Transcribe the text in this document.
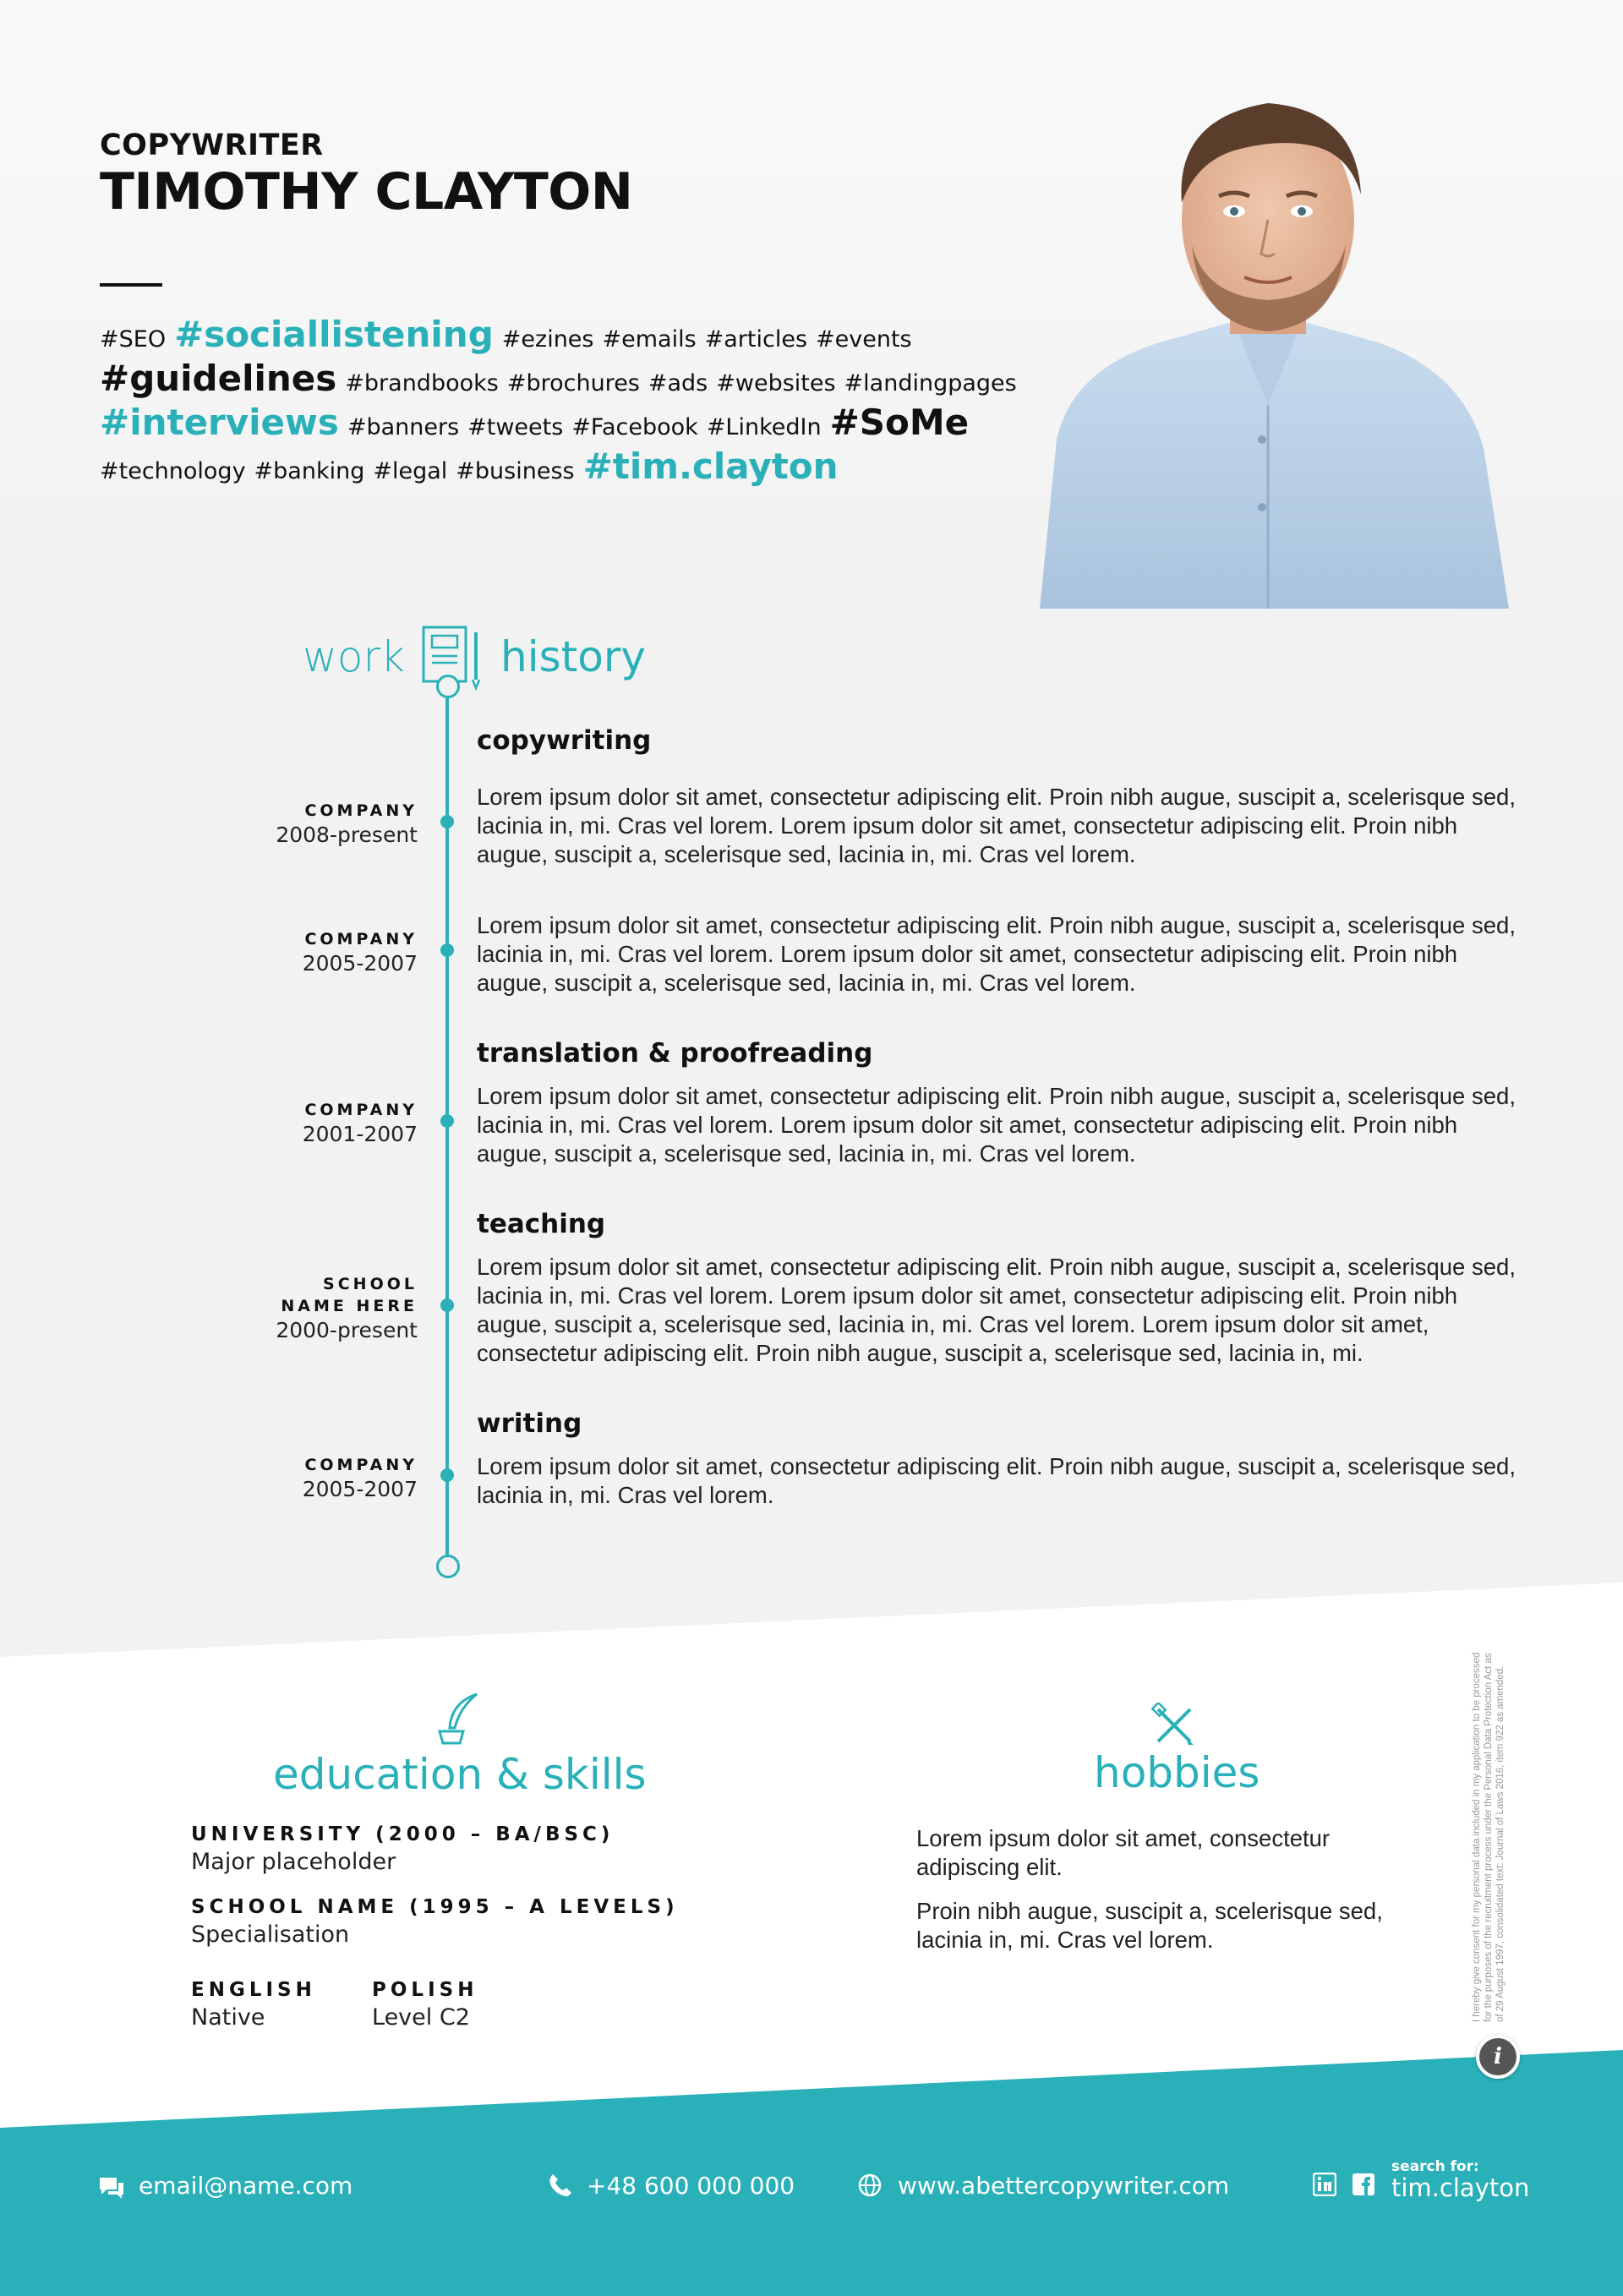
COPYWRITER
TIMOTHY CLAYTON
#SEO #sociallistening #ezines #emails #articles #events
#guidelines #brandbooks #brochures #ads #websites #landingpages
#interviews #banners #tweets #Facebook #LinkedIn #SoMe
#technology #banking #legal #business #tim.clayton
work history
copywriting
COMPANY
2008-present
Lorem ipsum dolor sit amet, consectetur adipiscing elit. Proin nibh augue, suscipit a, scelerisque sed, lacinia in, mi. Cras vel lorem. Lorem ipsum dolor sit amet, consectetur adipiscing elit. Proin nibh augue, suscipit a, scelerisque sed, lacinia in, mi. Cras vel lorem.
COMPANY
2005-2007
Lorem ipsum dolor sit amet, consectetur adipiscing elit. Proin nibh augue, suscipit a, scelerisque sed, lacinia in, mi. Cras vel lorem. Lorem ipsum dolor sit amet, consectetur adipiscing elit. Proin nibh augue, suscipit a, scelerisque sed, lacinia in, mi. Cras vel lorem.
translation & proofreading
COMPANY
2001-2007
Lorem ipsum dolor sit amet, consectetur adipiscing elit. Proin nibh augue, suscipit a, scelerisque sed, lacinia in, mi. Cras vel lorem. Lorem ipsum dolor sit amet, consectetur adipiscing elit. Proin nibh augue, suscipit a, scelerisque sed, lacinia in, mi. Cras vel lorem.
teaching
SCHOOL
NAME HERE
2000-present
Lorem ipsum dolor sit amet, consectetur adipiscing elit. Proin nibh augue, suscipit a, scelerisque sed, lacinia in, mi. Cras vel lorem. Lorem ipsum dolor sit amet, consectetur adipiscing elit. Proin nibh augue, suscipit a, scelerisque sed, lacinia in, mi. Cras vel lorem. Lorem ipsum dolor sit amet, consectetur adipiscing elit. Proin nibh augue, suscipit a, scelerisque sed, lacinia in, mi.
writing
COMPANY
2005-2007
Lorem ipsum dolor sit amet, consectetur adipiscing elit. Proin nibh augue, suscipit a, scelerisque sed, lacinia in, mi. Cras vel lorem.
education & skills
UNIVERSITY (2000 – BA/BSC)
Major placeholder
SCHOOL NAME (1995 – A LEVELS)
Specialisation
ENGLISH
Native
POLISH
Level C2
hobbies
Lorem ipsum dolor sit amet, consectetur adipiscing elit.
Proin nibh augue, suscipit a, scelerisque sed, lacinia in, mi. Cras vel lorem.	I hereby give consent for my personal data included in my application to be processed for the purposes of the recruitment process under the Personal Data Protection Act as of 29 August 1997, consolidated text: Journal of Laws 2016, item 922 as amended.
i
email@name.com	+48 600 000 000	www.abettercopywriter.com
search for:
tim.clayton
